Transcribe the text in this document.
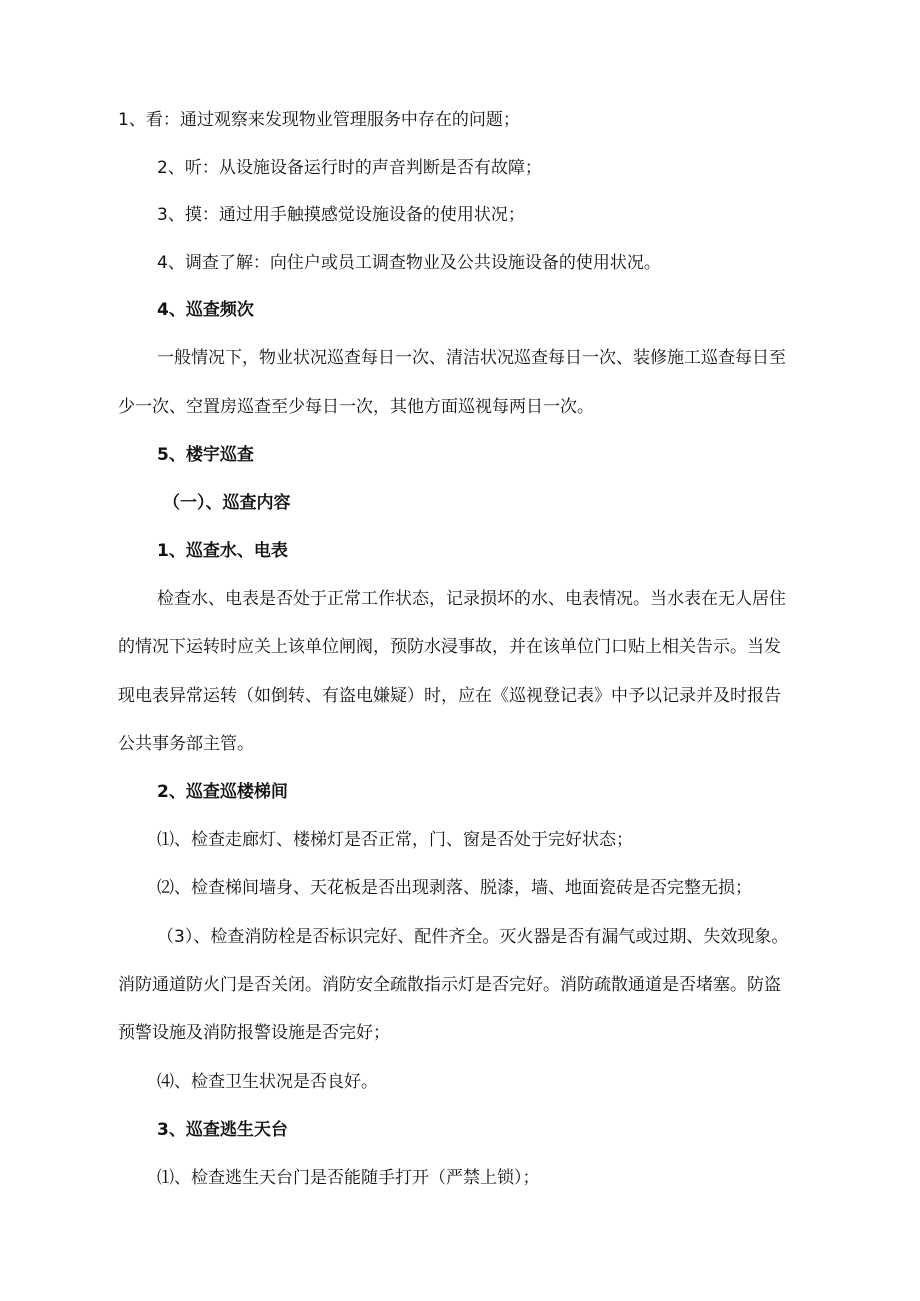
1、看：通过观察来发现物业管理服务中存在的问题；

2、听：从设施设备运行时的声音判断是否有故障；

3、摸：通过用手触摸感觉设施设备的使用状况；

4、调查了解：向住户或员工调查物业及公共设施设备的使用状况。

4、巡查频次

一般情况下，物业状况巡查每日一次、清洁状况巡查每日一次、装修施工巡查每日至

少一次、空置房巡查至少每日一次，其他方面巡视每两日一次。

5、楼宇巡查

（一）、巡查内容

1、巡查水、电表

检查水、电表是否处于正常工作状态，记录损坏的水、电表情况。当水表在无人居住

的情况下运转时应关上该单位闸阀，预防水浸事故，并在该单位门口贴上相关告示。当发

现电表异常运转（如倒转、有盗电嫌疑）时，应在《巡视登记表》中予以记录并及时报告

公共事务部主管。

2、巡查巡楼梯间

⑴、检查走廊灯、楼梯灯是否正常，门、窗是否处于完好状态；

⑵、检查梯间墙身、天花板是否出现剥落、脱漆，墙、地面瓷砖是否完整无损；

（3）、检查消防栓是否标识完好、配件齐全。灭火器是否有漏气或过期、失效现象。

消防通道防火门是否关闭。消防安全疏散指示灯是否完好。消防疏散通道是否堵塞。防盗

预警设施及消防报警设施是否完好；

⑷、检查卫生状况是否良好。

3、巡查逃生天台

⑴、检查逃生天台门是否能随手打开（严禁上锁）；
